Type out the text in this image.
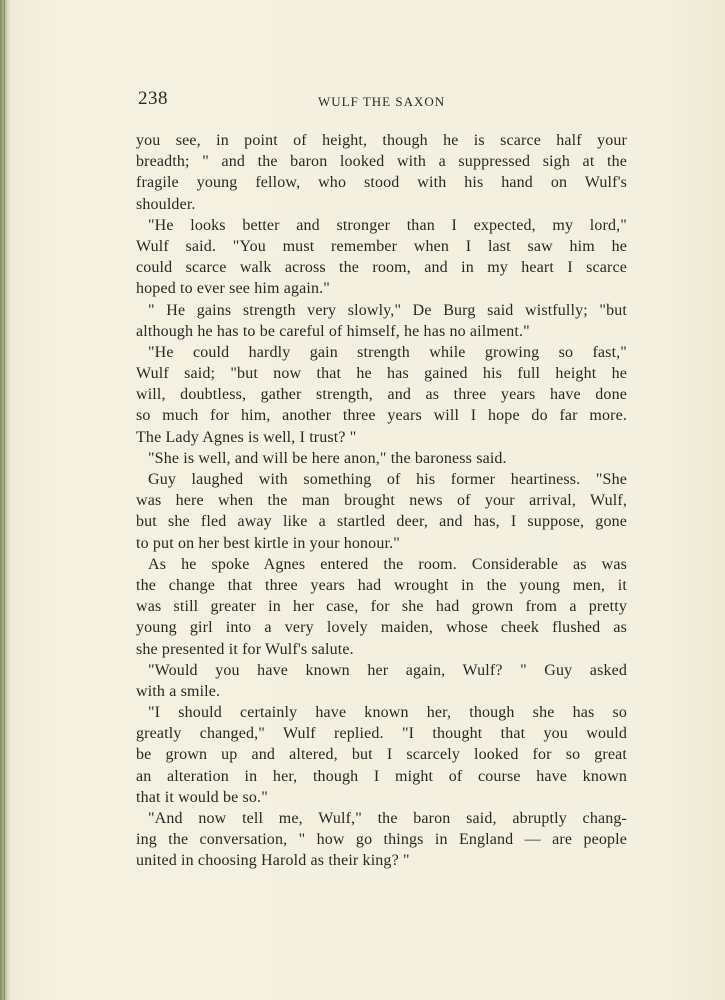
238	WULF THE SAXON
you see, in point of height, though he is scarce half your
breadth; " and the baron looked with a suppressed sigh at the
fragile young fellow, who stood with his hand on Wulf's
shoulder.
"He looks better and stronger than I expected, my lord,"
Wulf said. "You must remember when I last saw him he
could scarce walk across the room, and in my heart I scarce
hoped to ever see him again."
" He gains strength very slowly," De Burg said wistfully; "but
although he has to be careful of himself, he has no ailment."
"He could hardly gain strength while growing so fast,"
Wulf said; "but now that he has gained his full height he
will, doubtless, gather strength, and as three years have done
so much for him, another three years will I hope do far more.
The Lady Agnes is well, I trust? "
"She is well, and will be here anon," the baroness said.
Guy laughed with something of his former heartiness. "She
was here when the man brought news of your arrival, Wulf,
but she fled away like a startled deer, and has, I suppose, gone
to put on her best kirtle in your honour."
As he spoke Agnes entered the room. Considerable as was
the change that three years had wrought in the young men, it
was still greater in her case, for she had grown from a pretty
young girl into a very lovely maiden, whose cheek flushed as
she presented it for Wulf's salute.
"Would you have known her again, Wulf? " Guy asked
with a smile.
"I should certainly have known her, though she has so
greatly changed," Wulf replied. "I thought that you would
be grown up and altered, but I scarcely looked for so great
an alteration in her, though I might of course have known
that it would be so."
"And now tell me, Wulf," the baron said, abruptly chang-
ing the conversation, " how go things in England — are people
united in choosing Harold as their king? "
